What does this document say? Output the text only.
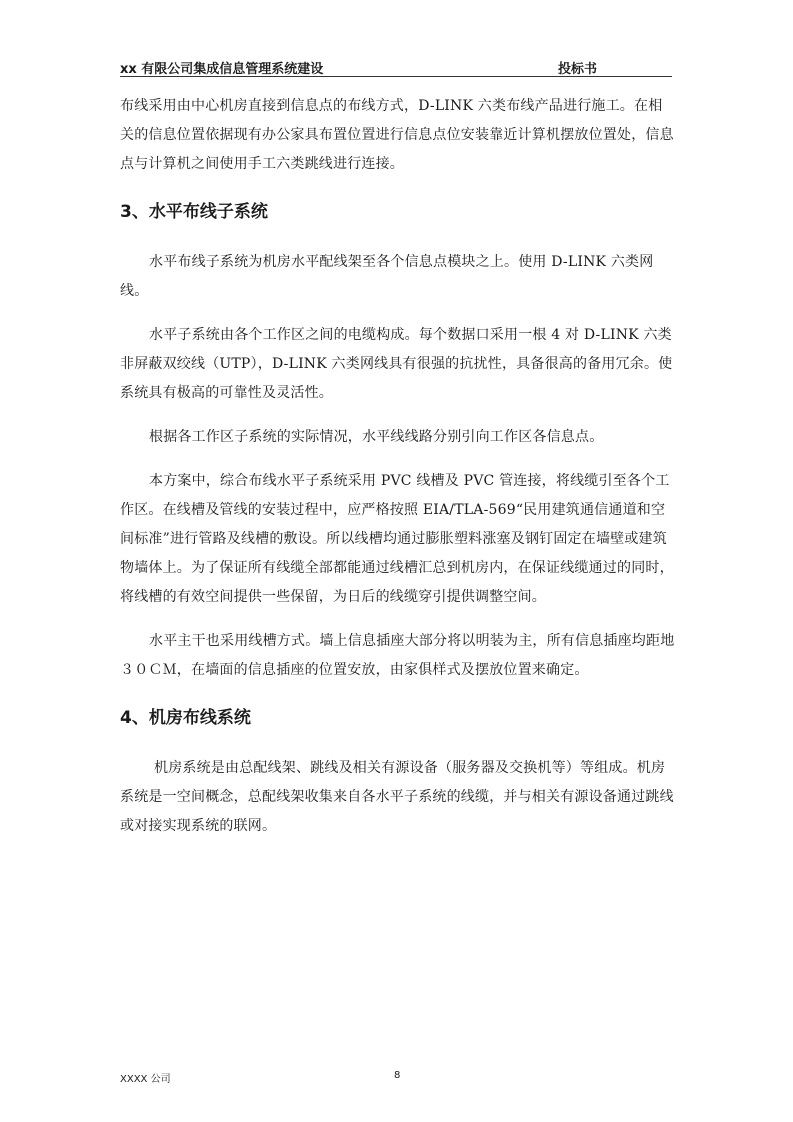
xx 有限公司集成信息管理系统建设	投标书

布线采用由中心机房直接到信息点的布线方式，D-LINK 六类布线产品进行施工。在相关的信息位置依据现有办公家具布置位置进行信息点位安装靠近计算机摆放位置处，信息点与计算机之间使用手工六类跳线进行连接。

3、水平布线子系统

水平布线子系统为机房水平配线架至各个信息点模块之上。使用 D-LINK 六类网线。

水平子系统由各个工作区之间的电缆构成。每个数据口采用一根 4 对 D-LINK 六类非屏蔽双绞线（UTP），D-LINK 六类网线具有很强的抗扰性，具备很高的备用冗余。使系统具有极高的可靠性及灵活性。

根据各工作区子系统的实际情况，水平线线路分别引向工作区各信息点。

本方案中，综合布线水平子系统采用 PVC 线槽及 PVC 管连接，将线缆引至各个工作区。在线槽及管线的安装过程中，应严格按照 EIA/TLA-569“民用建筑通信通道和空间标准”进行管路及线槽的敷设。所以线槽均通过膨胀塑料涨塞及钢钉固定在墙壁或建筑物墙体上。为了保证所有线缆全部都能通过线槽汇总到机房内，在保证线缆通过的同时，将线槽的有效空间提供一些保留，为日后的线缆穿引提供调整空间。

水平主干也采用线槽方式。墙上信息插座大部分将以明装为主，所有信息插座均距地３０ＣＭ，在墙面的信息插座的位置安放，由家俱样式及摆放位置来确定。

4、机房布线系统

机房系统是由总配线架、跳线及相关有源设备（服务器及交换机等）等组成。机房系统是一空间概念，总配线架收集来自各水平子系统的线缆，并与相关有源设备通过跳线或对接实现系统的联网。

XXXX 公司	8
